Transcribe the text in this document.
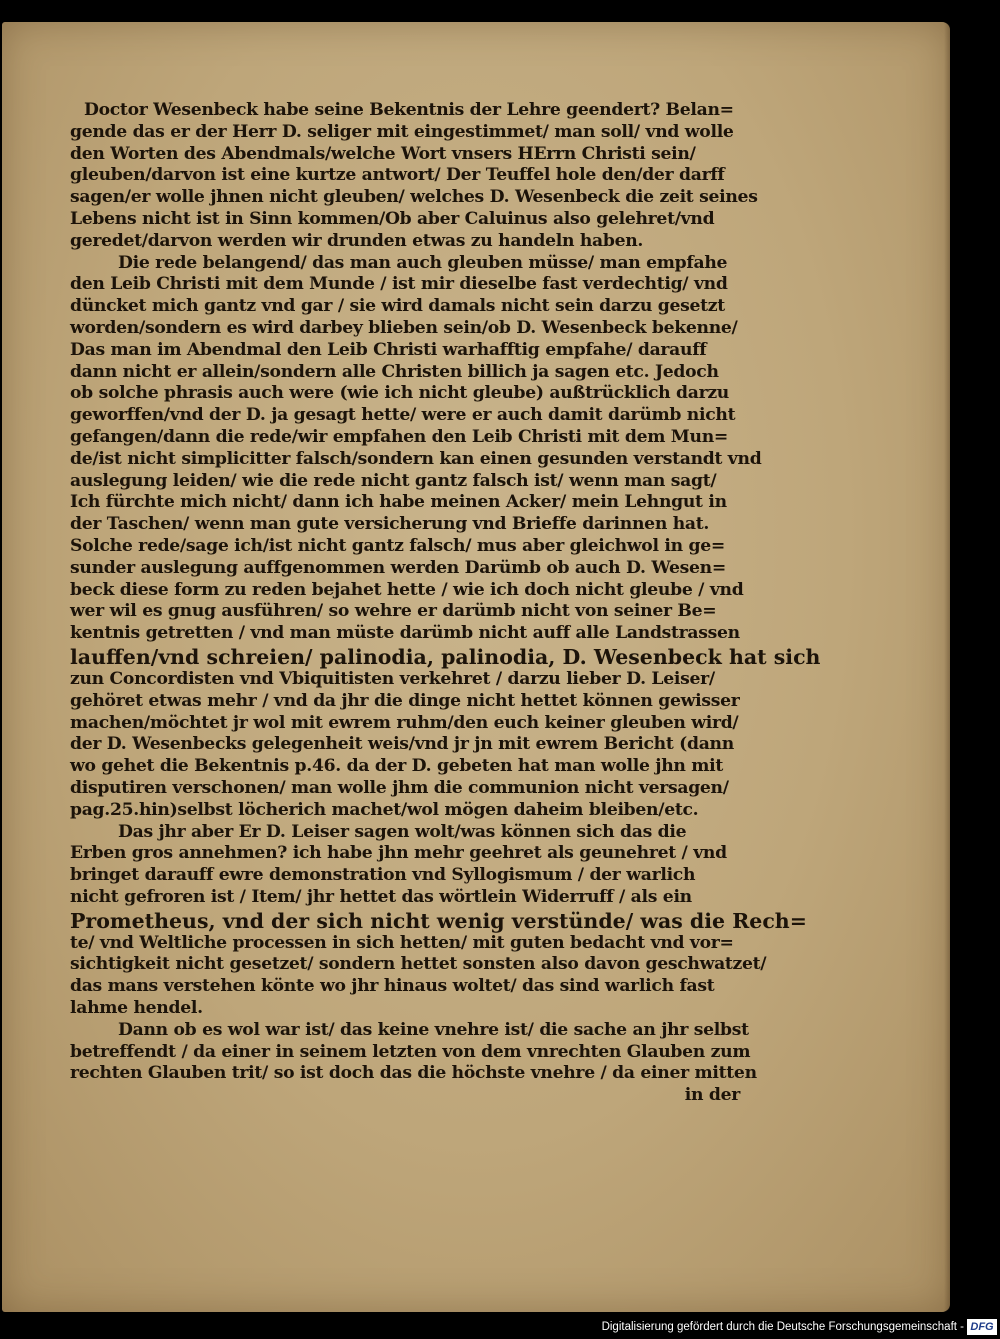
Doctor Wesenbeck habe seine Bekentnis der Lehre geendert? Belan=
gende das er der Herr D. seliger mit eingestimmet/ man soll/ vnd wolle
den Worten des Abendmals/welche Wort vnsers HErrn Christi sein/
gleuben/darvon ist eine kurtze antwort/ Der Teuffel hole den/der darff
sagen/er wolle jhnen nicht gleuben/ welches D. Wesenbeck die zeit seines
Lebens nicht ist in Sinn kommen/Ob aber Caluinus also gelehret/vnd
geredet/darvon werden wir drunden etwas zu handeln haben.
Die rede belangend/ das man auch gleuben müsse/ man empfahe
den Leib Christi mit dem Munde / ist mir dieselbe fast verdechtig/ vnd
düncket mich gantz vnd gar / sie wird damals nicht sein darzu gesetzt
worden/sondern es wird darbey blieben sein/ob D. Wesenbeck bekenne/
Das man im Abendmal den Leib Christi warhafftig empfahe/ darauff
dann nicht er allein/sondern alle Christen billich ja sagen etc. Jedoch
ob solche phrasis auch were (wie ich nicht gleube) außtrücklich darzu
geworffen/vnd der D. ja gesagt hette/ were er auch damit darümb nicht
gefangen/dann die rede/wir empfahen den Leib Christi mit dem Mun=
de/ist nicht simplicitter falsch/sondern kan einen gesunden verstandt vnd
auslegung leiden/ wie die rede nicht gantz falsch ist/ wenn man sagt/
Ich fürchte mich nicht/ dann ich habe meinen Acker/ mein Lehngut in
der Taschen/ wenn man gute versicherung vnd Brieffe darinnen hat.
Solche rede/sage ich/ist nicht gantz falsch/ mus aber gleichwol in ge=
sunder auslegung auffgenommen werden Darümb ob auch D. Wesen=
beck diese form zu reden bejahet hette / wie ich doch nicht gleube / vnd
wer wil es gnug ausführen/ so wehre er darümb nicht von seiner Be=
kentnis getretten / vnd man müste darümb nicht auff alle Landstrassen
lauffen/vnd schreien/ palinodia, palinodia, D. Wesenbeck hat sich
zun Concordisten vnd Vbiquitisten verkehret / darzu lieber D. Leiser/
gehöret etwas mehr / vnd da jhr die dinge nicht hettet können gewisser
machen/möchtet jr wol mit ewrem ruhm/den euch keiner gleuben wird/
der D. Wesenbecks gelegenheit weis/vnd jr jn mit ewrem Bericht (dann
wo gehet die Bekentnis p.46. da der D. gebeten hat man wolle jhn mit
disputiren verschonen/ man wolle jhm die communion nicht versagen/
pag.25.hin)selbst löcherich machet/wol mögen daheim bleiben/etc.
Das jhr aber Er D. Leiser sagen wolt/was können sich das die
Erben gros annehmen? ich habe jhn mehr geehret als geunehret / vnd
bringet darauff ewre demonstration vnd Syllogismum / der warlich
nicht gefroren ist / Item/ jhr hettet das wörtlein Widerruff / als ein
Prometheus, vnd der sich nicht wenig verstünde/ was die Rech=
te/ vnd Weltliche processen in sich hetten/ mit guten bedacht vnd vor=
sichtigkeit nicht gesetzet/ sondern hettet sonsten also davon geschwatzet/
das mans verstehen könte wo jhr hinaus woltet/ das sind warlich fast
lahme hendel.
Dann ob es wol war ist/ das keine vnehre ist/ die sache an jhr selbst
betreffendt / da einer in seinem letzten von dem vnrechten Glauben zum
rechten Glauben trit/ so ist doch das die höchste vnehre / da einer mitten
in der
Digitalisierung gefördert durch die Deutsche Forschungsgemeinschaft - DFG
